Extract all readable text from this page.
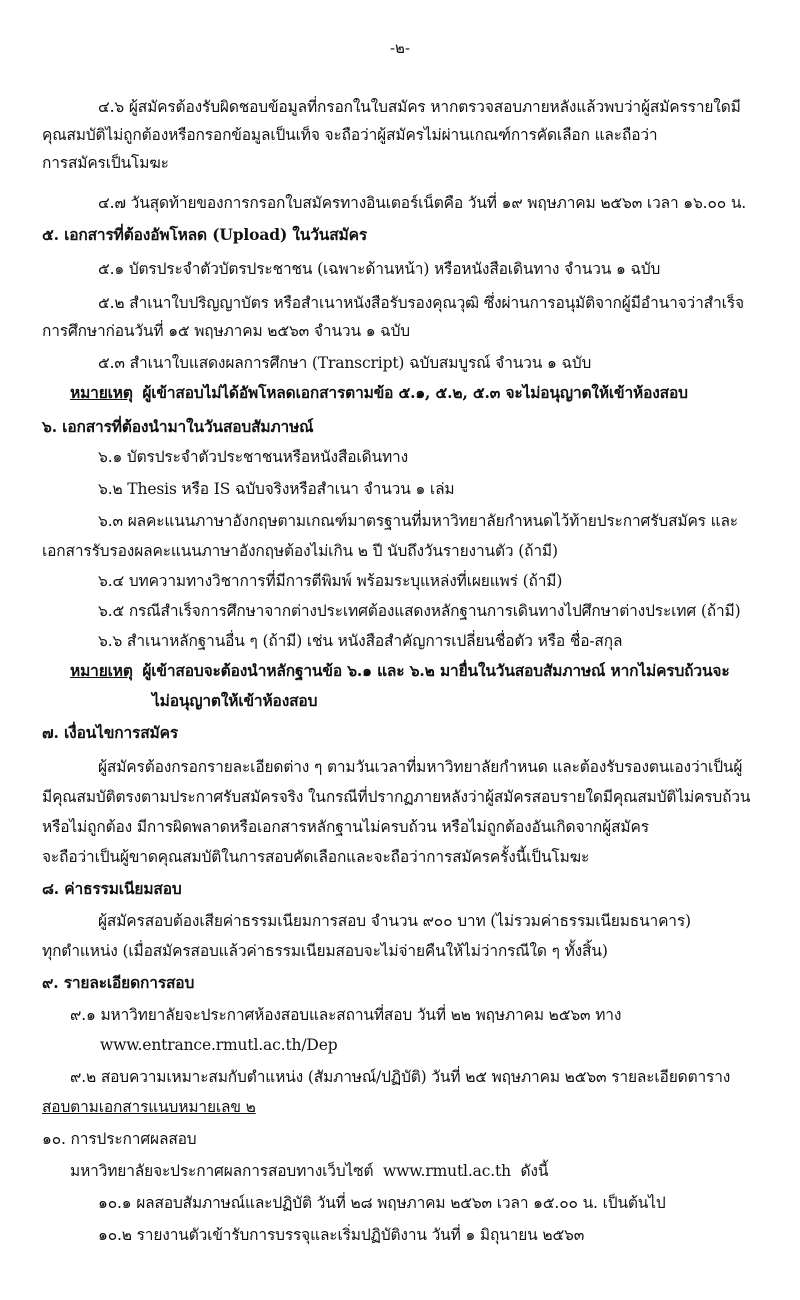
-๒-
๔.๖ ผู้สมัครต้องรับผิดชอบข้อมูลที่กรอกในใบสมัคร หากตรวจสอบภายหลังแล้วพบว่าผู้สมัครรายใดมี
คุณสมบัติไม่ถูกต้องหรือกรอกข้อมูลเป็นเท็จ จะถือว่าผู้สมัครไม่ผ่านเกณฑ์การคัดเลือก และถือว่า
การสมัครเป็นโมฆะ
๔.๗ วันสุดท้ายของการกรอกใบสมัครทางอินเตอร์เน็ตคือ วันที่ ๑๙ พฤษภาคม ๒๕๖๓ เวลา ๑๖.๐๐ น.
๕. เอกสารที่ต้องอัพโหลด (Upload) ในวันสมัคร
๕.๑ บัตรประจำตัวบัตรประชาชน (เฉพาะด้านหน้า) หรือหนังสือเดินทาง จำนวน ๑ ฉบับ
๕.๒ สำเนาใบปริญญาบัตร หรือสำเนาหนังสือรับรองคุณวุฒิ ซึ่งผ่านการอนุมัติจากผู้มีอำนาจว่าสำเร็จ
การศึกษาก่อนวันที่ ๑๕ พฤษภาคม ๒๕๖๓ จำนวน ๑ ฉบับ
๕.๓ สำเนาใบแสดงผลการศึกษา (Transcript) ฉบับสมบูรณ์ จำนวน ๑ ฉบับ
หมายเหตุ ผู้เข้าสอบไม่ได้อัพโหลดเอกสารตามข้อ ๕.๑, ๕.๒, ๕.๓ จะไม่อนุญาตให้เข้าห้องสอบ
๖. เอกสารที่ต้องนำมาในวันสอบสัมภาษณ์
๖.๑ บัตรประจำตัวประชาชนหรือหนังสือเดินทาง
๖.๒ Thesis หรือ IS ฉบับจริงหรือสำเนา จำนวน ๑ เล่ม
๖.๓ ผลคะแนนภาษาอังกฤษตามเกณฑ์มาตรฐานที่มหาวิทยาลัยกำหนดไว้ท้ายประกาศรับสมัคร และ
เอกสารรับรองผลคะแนนภาษาอังกฤษต้องไม่เกิน ๒ ปี นับถึงวันรายงานตัว (ถ้ามี)
๖.๔ บทความทางวิชาการที่มีการตีพิมพ์ พร้อมระบุแหล่งที่เผยแพร่ (ถ้ามี)
๖.๕ กรณีสำเร็จการศึกษาจากต่างประเทศต้องแสดงหลักฐานการเดินทางไปศึกษาต่างประเทศ (ถ้ามี)
๖.๖ สำเนาหลักฐานอื่น ๆ (ถ้ามี) เช่น หนังสือสำคัญการเปลี่ยนชื่อตัว หรือ ชื่อ-สกุล
หมายเหตุ ผู้เข้าสอบจะต้องนำหลักฐานข้อ ๖.๑ และ ๖.๒ มายื่นในวันสอบสัมภาษณ์ หากไม่ครบถ้วนจะ
ไม่อนุญาตให้เข้าห้องสอบ
๗. เงื่อนไขการสมัคร
ผู้สมัครต้องกรอกรายละเอียดต่าง ๆ ตามวันเวลาที่มหาวิทยาลัยกำหนด และต้องรับรองตนเองว่าเป็นผู้
มีคุณสมบัติตรงตามประกาศรับสมัครจริง ในกรณีที่ปรากฏภายหลังว่าผู้สมัครสอบรายใดมีคุณสมบัติไม่ครบถ้วน
หรือไม่ถูกต้อง มีการผิดพลาดหรือเอกสารหลักฐานไม่ครบถ้วน หรือไม่ถูกต้องอันเกิดจากผู้สมัคร
จะถือว่าเป็นผู้ขาดคุณสมบัติในการสอบคัดเลือกและจะถือว่าการสมัครครั้งนี้เป็นโมฆะ
๘. ค่าธรรมเนียมสอบ
ผู้สมัครสอบต้องเสียค่าธรรมเนียมการสอบ จำนวน ๙๐๐ บาท (ไม่รวมค่าธรรมเนียมธนาคาร)
ทุกตำแหน่ง (เมื่อสมัครสอบแล้วค่าธรรมเนียมสอบจะไม่จ่ายคืนให้ไม่ว่ากรณีใด ๆ ทั้งสิ้น)
๙. รายละเอียดการสอบ
๙.๑ มหาวิทยาลัยจะประกาศห้องสอบและสถานที่สอบ วันที่ ๒๒ พฤษภาคม ๒๕๖๓ ทาง
www.entrance.rmutl.ac.th/Dep
๙.๒ สอบความเหมาะสมกับตำแหน่ง (สัมภาษณ์/ปฏิบัติ) วันที่ ๒๕ พฤษภาคม ๒๕๖๓ รายละเอียดตาราง
สอบตามเอกสารแนบหมายเลข ๒
๑๐. การประกาศผลสอบ
มหาวิทยาลัยจะประกาศผลการสอบทางเว็บไซต์ www.rmutl.ac.th ดังนี้
๑๐.๑ ผลสอบสัมภาษณ์และปฏิบัติ วันที่ ๒๘ พฤษภาคม ๒๕๖๓ เวลา ๑๕.๐๐ น. เป็นต้นไป
๑๐.๒ รายงานตัวเข้ารับการบรรจุและเริ่มปฏิบัติงาน วันที่ ๑ มิถุนายน ๒๕๖๓
